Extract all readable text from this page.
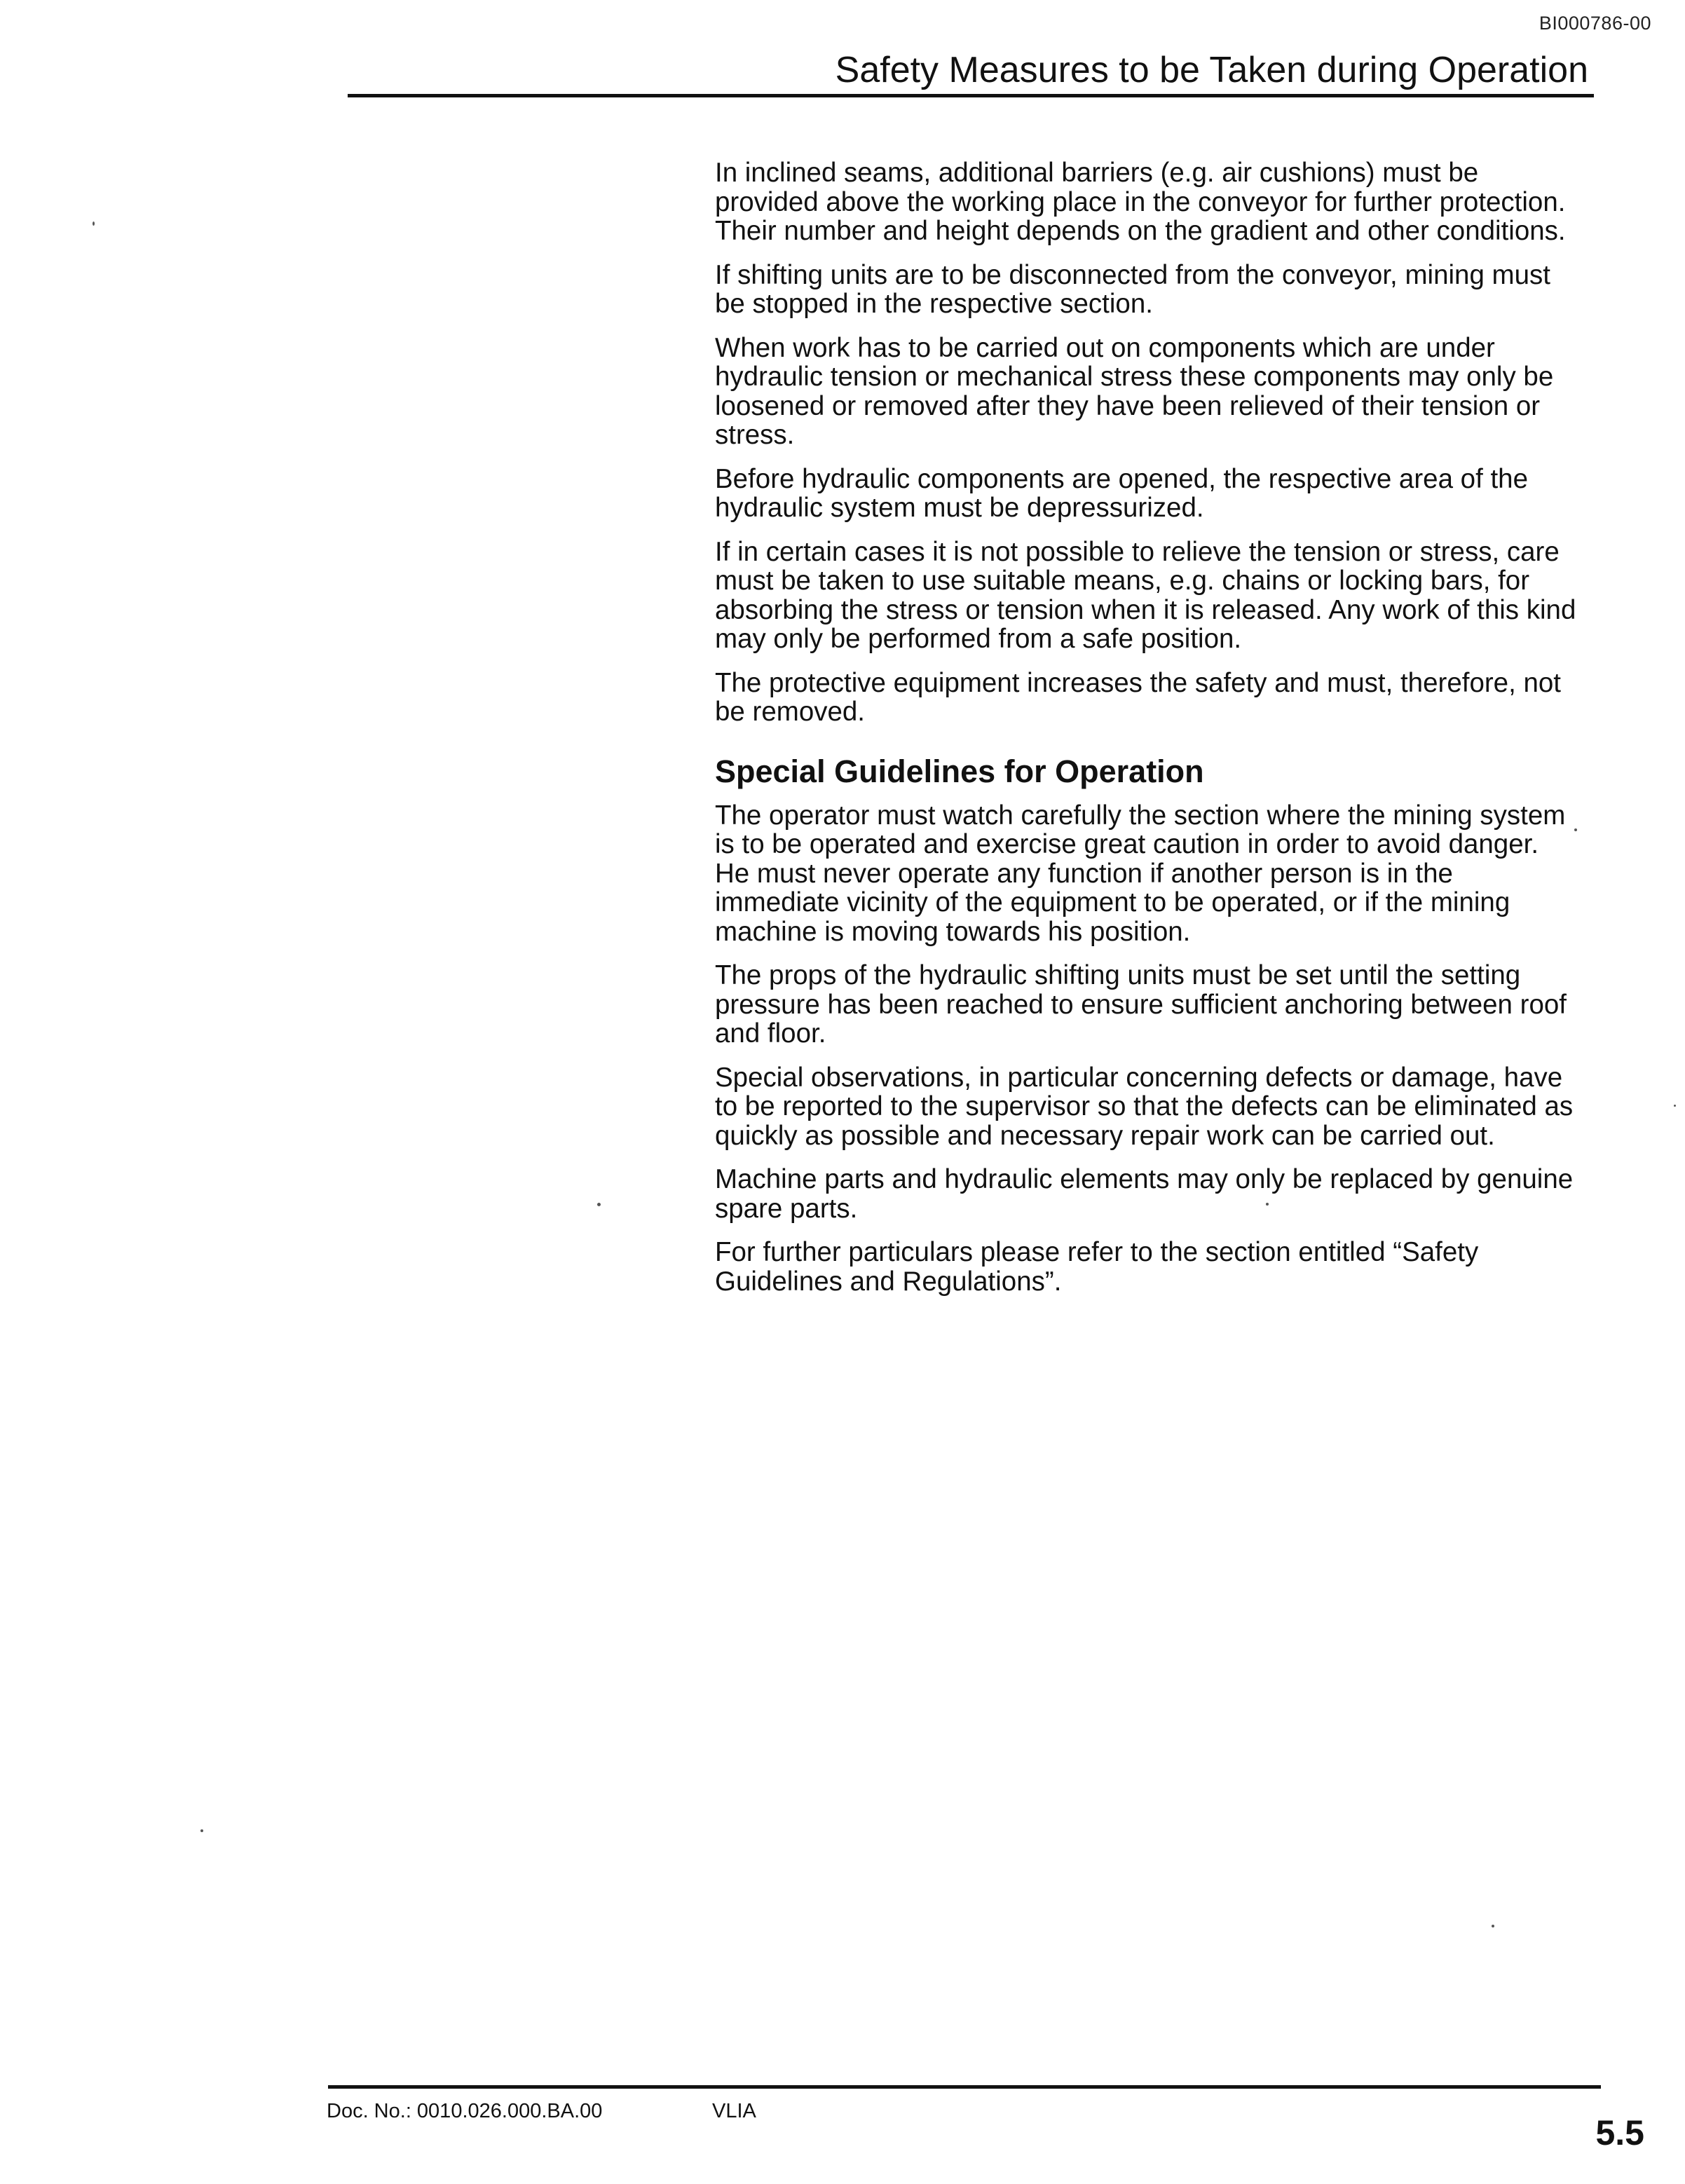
BI000786-00
Safety Measures to be Taken during Operation

In inclined seams, additional barriers (e.g. air cushions) must be provided above the working place in the conveyor for further protection. Their number and height depends on the gradient and other conditions.

If shifting units are to be disconnected from the conveyor, mining must be stopped in the respective section.

When work has to be carried out on components which are under hydraulic tension or mechanical stress these components may only be loosened or removed after they have been relieved of their tension or stress.

Before hydraulic components are opened, the respective area of the hydraulic system must be depressurized.

If in certain cases it is not possible to relieve the tension or stress, care must be taken to use suitable means, e.g. chains or locking bars, for absorbing the stress or tension when it is released. Any work of this kind may only be performed from a safe position.

The protective equipment increases the safety and must, therefore, not be removed.

Special Guidelines for Operation

The operator must watch carefully the section where the mining system is to be operated and exercise great caution in order to avoid danger. He must never operate any function if another person is in the immediate vicinity of the equipment to be operated, or if the mining machine is moving towards his position.

The props of the hydraulic shifting units must be set until the setting pressure has been reached to ensure sufficient anchoring between roof and floor.

Special observations, in particular concerning defects or damage, have to be reported to the supervisor so that the defects can be eliminated as quickly as possible and necessary repair work can be carried out.

Machine parts and hydraulic elements may only be replaced by genuine spare parts.

For further particulars please refer to the section entitled “Safety Guidelines and Regulations”.

Doc. No.: 0010.026.000.BA.00	VLIA
5.5
